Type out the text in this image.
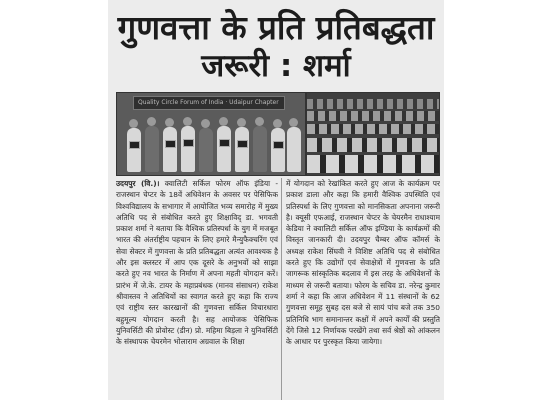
गुणवत्ता के प्रति प्रतिबद्धता
जरूरी : शर्मा
Quality Circle Forum of India · Udaipur Chapter

उदयपुर (वि.)। क्वालिटी सर्किल फोरम ऑफ इंडिया - राजस्थान चेप्टर के 18वें अधिवेशन के अवसर पर पेसिफिक विश्वविद्यालय के सभागार में आयोजित भव्य समारोह में मुख्य अतिथि पद से संबोधित करते हुए शिक्षाविद् डा. भगवती प्रकाश शर्मा ने बताया कि वैश्विक प्रतिस्पर्धा के युग में मजबूत भारत की अंतर्राष्ट्रीय पहचान के लिए हमारे मैन्युफैक्चरिंग एवं सेवा सेक्टर में गुणवत्ता के प्रति प्रतिबद्धता अत्यंत आवश्यक है और इस क्लस्टर में आप एक दूसरे के अनुभवों को साझा करते हुए नव भारत के निर्माण में अपना महती योगदान करें। प्रारंभ में जे.के. टायर के महाप्रबंधक (मानव संसाधन) राकेश श्रीवास्तव ने अतिथियों का स्वागत करते हुए कहा कि राज्य एवं राष्ट्रीय स्तर कारखानों की गुणवत्ता सर्किल विचारधारा बहुमूल्य योगदान करती है। सह आयोजक पेसिफिक युनिवर्सिटी की प्रोवोस्ट (डीन) प्रो. महिमा बिड़ला ने युनिवर्सिटी के संस्थापक चेयरमेन भोलाराम अग्रवाल के शिक्षा

में योगदान को रेखांकित करते हुए आज के कार्यक्रम पर प्रकाश डाला और कहा कि हमारी वैश्विक उपस्थिति एवं प्रतिस्पर्धा के लिए गुणवत्ता को मानसिकता अपनाना जरूरी है। क्यूसी एफआई, राजस्थान चेप्टर के चेयरमैन राधाश्याम केडिया ने क्वालिटी सर्किल ऑफ इण्डिया के कार्यक्रमों की विस्तृत जानकारी दी। उदयपुर चैम्बर ऑफ कॉमर्स के अध्यक्ष राकेश सिंघवी ने विशिष्ट अतिथि पद से संबोधित करते हुए कि उद्योगों एवं सेवाक्षेत्रों में गुणवत्ता के प्रति जागरूक सांस्कृतिक बदलाव में इस तरह के अधिवेशनों के माध्यम से जरूरी बताया। फोरम के सचिव डा. नरेन्द्र कुमार शर्मा ने कहा कि आज अधिवेशन में 11 संस्थानों के 62 गुणवत्ता समूह सुबह दस बजे से सायं पांच बजे तक 350 प्रतिनिधि भाग समानान्तर कक्षों में अपने कार्यों की प्रस्तुति देंगे जिसे 12 निर्णायक परखेंगे तथा सर्व श्रेष्ठों को आंकलन के आधार पर पुरस्कृत किया जायेगा।
